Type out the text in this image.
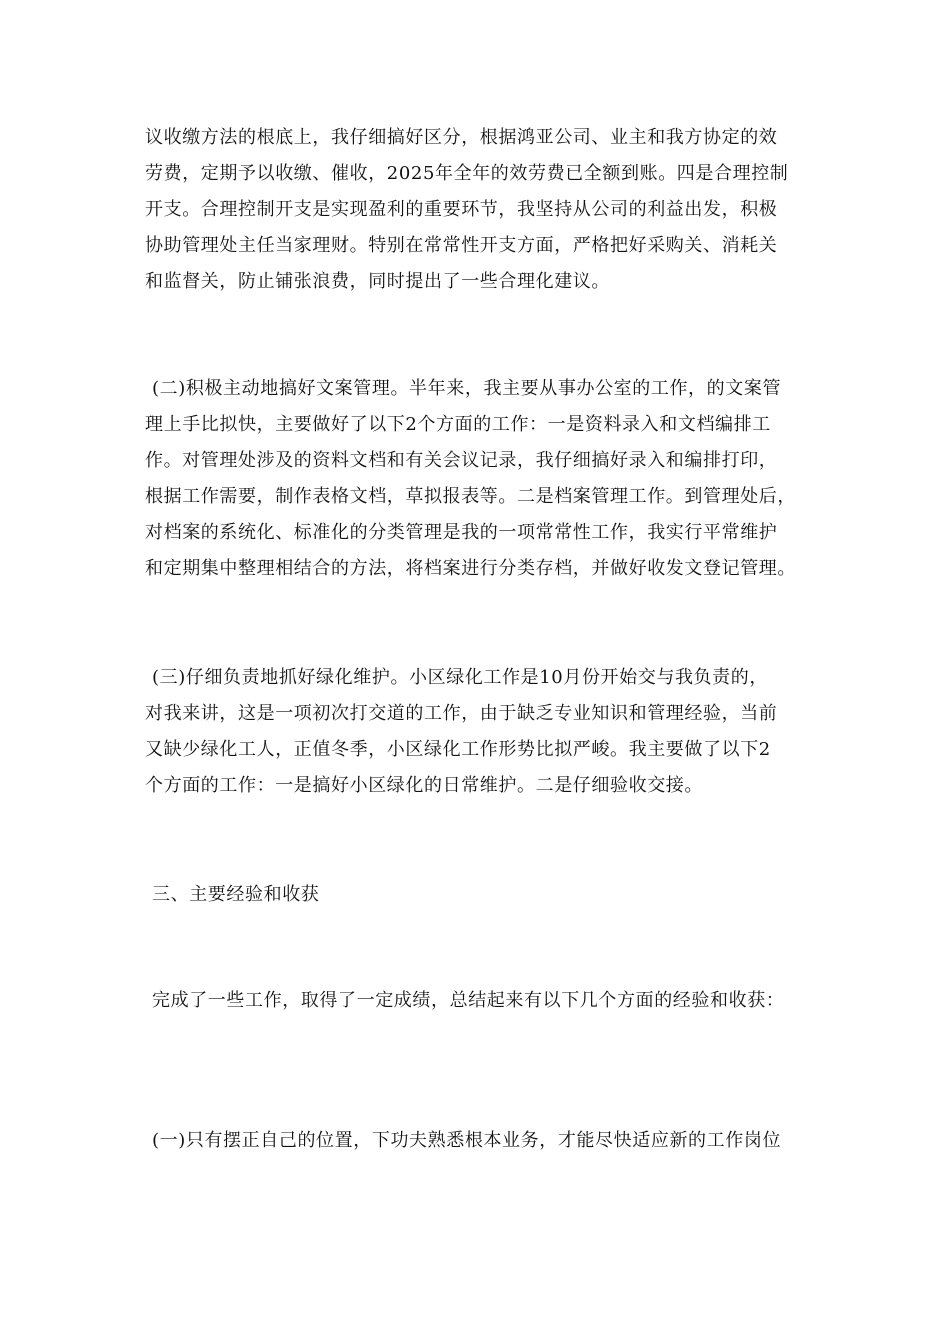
议收缴方法的根底上，我仔细搞好区分，根据鸿亚公司、业主和我方协定的效
劳费，定期予以收缴、催收，2025年全年的效劳费已全额到账。四是合理控制
开支。合理控制开支是实现盈利的重要环节，我坚持从公司的利益出发，积极
协助管理处主任当家理财。特别在常常性开支方面，严格把好采购关、消耗关
和监督关，防止铺张浪费，同时提出了一些合理化建议。
(二)积极主动地搞好文案管理。半年来，我主要从事办公室的工作，的文案管
理上手比拟快，主要做好了以下2个方面的工作：一是资料录入和文档编排工
作。对管理处涉及的资料文档和有关会议记录，我仔细搞好录入和编排打印，
根据工作需要，制作表格文档，草拟报表等。二是档案管理工作。到管理处后，
对档案的系统化、标准化的分类管理是我的一项常常性工作，我实行平常维护
和定期集中整理相结合的方法，将档案进行分类存档，并做好收发文登记管理。
(三)仔细负责地抓好绿化维护。小区绿化工作是10月份开始交与我负责的，
对我来讲，这是一项初次打交道的工作，由于缺乏专业知识和管理经验，当前
又缺少绿化工人，正值冬季，小区绿化工作形势比拟严峻。我主要做了以下2
个方面的工作：一是搞好小区绿化的日常维护。二是仔细验收交接。
三、主要经验和收获
完成了一些工作，取得了一定成绩，总结起来有以下几个方面的经验和收获：
(一)只有摆正自己的位置，下功夫熟悉根本业务，才能尽快适应新的工作岗位
